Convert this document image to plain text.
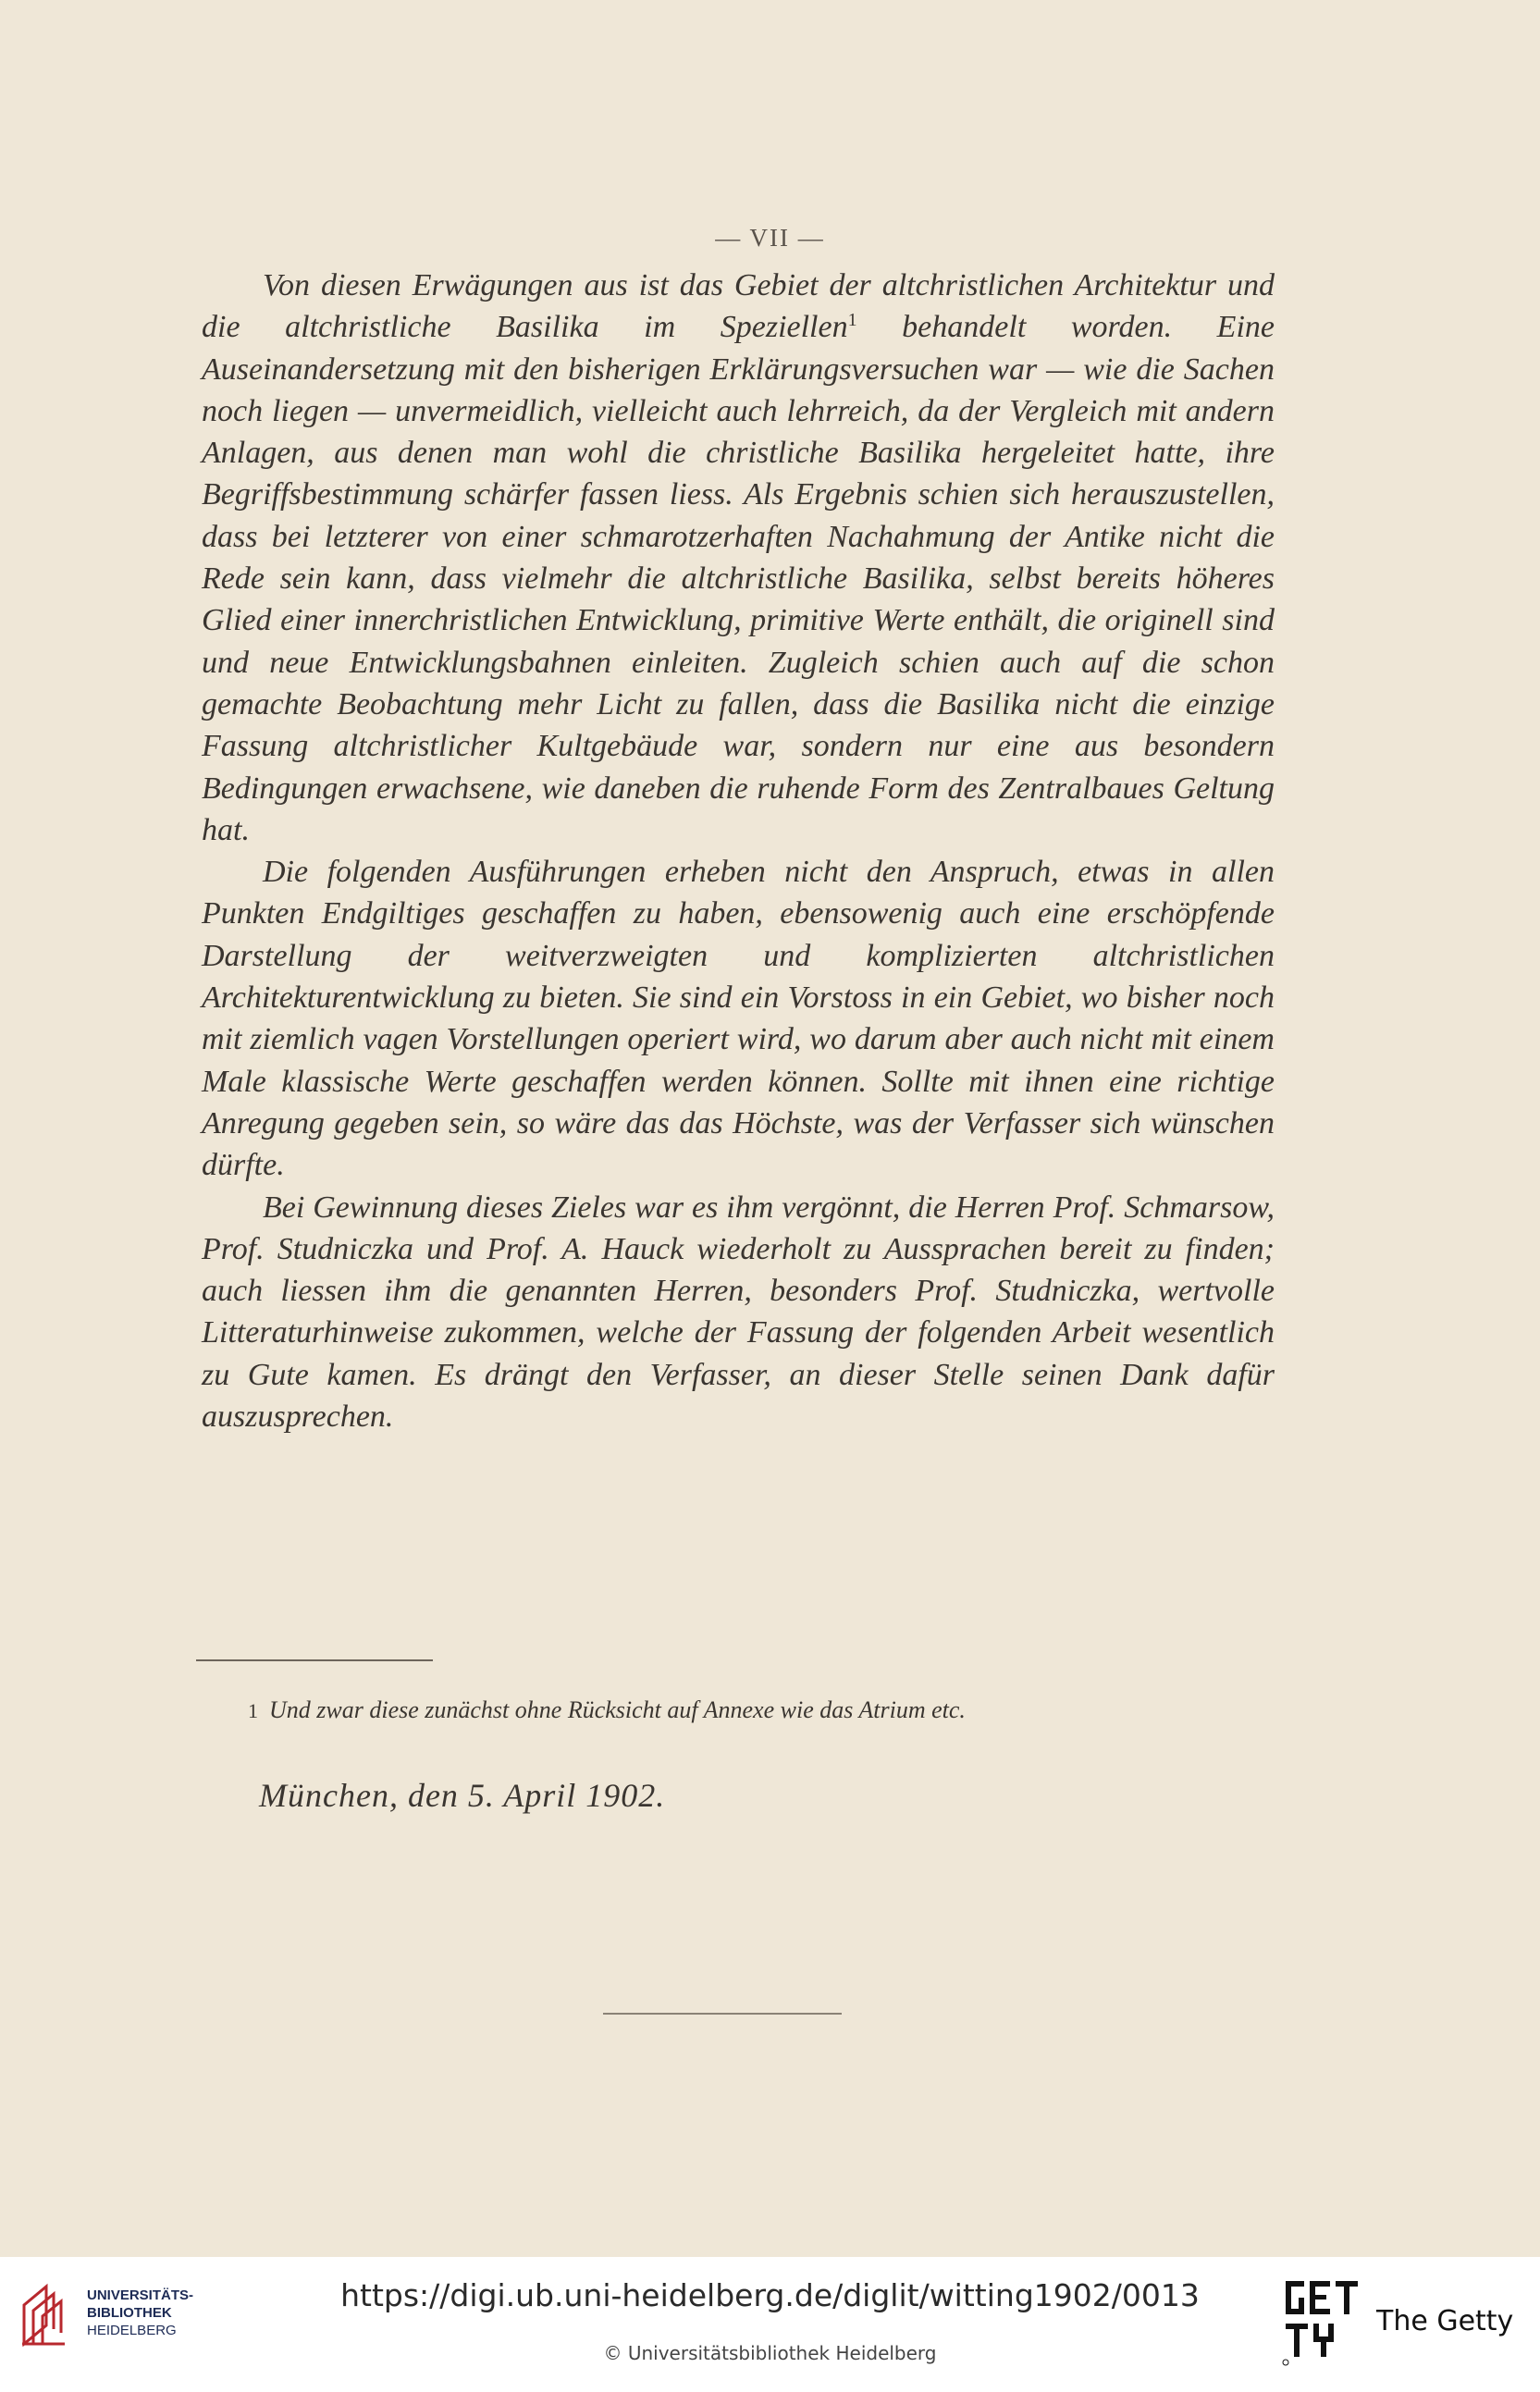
— VII —

Von diesen Erwägungen aus ist das Gebiet der altchristlichen Architektur und die altchristliche Basilika im Speziellen$^1$ behandelt worden. Eine Auseinandersetzung mit den bisherigen Erklärungsversuchen war — wie die Sachen noch liegen — unvermeidlich, vielleicht auch lehrreich, da der Vergleich mit andern Anlagen, aus denen man wohl die christliche Basilika hergeleitet hatte, ihre Begriffsbestimmung schärfer fassen liess. Als Ergebnis schien sich herauszustellen, dass bei letzterer von einer schmarotzerhaften Nachahmung der Antike nicht die Rede sein kann, dass vielmehr die altchristliche Basilika, selbst bereits höheres Glied einer innerchristlichen Entwicklung, primitive Werte enthält, die originell sind und neue Entwicklungsbahnen einleiten. Zugleich schien auch auf die schon gemachte Beobachtung mehr Licht zu fallen, dass die Basilika nicht die einzige Fassung altchristlicher Kultgebäude war, sondern nur eine aus besondern Bedingungen erwachsene, wie daneben die ruhende Form des Zentralbaues Geltung hat.

Die folgenden Ausführungen erheben nicht den Anspruch, etwas in allen Punkten Endgiltiges geschaffen zu haben, ebensowenig auch eine erschöpfende Darstellung der weitverzweigten und komplizierten altchristlichen Architekturentwicklung zu bieten. Sie sind ein Vorstoss in ein Gebiet, wo bisher noch mit ziemlich vagen Vorstellungen operiert wird, wo darum aber auch nicht mit einem Male klassische Werte geschaffen werden können. Sollte mit ihnen eine richtige Anregung gegeben sein, so wäre das das Höchste, was der Verfasser sich wünschen dürfte.

Bei Gewinnung dieses Zieles war es ihm vergönnt, die Herren Prof. Schmarsow, Prof. Studniczka und Prof. A. Hauck wiederholt zu Aussprachen bereit zu finden; auch liessen ihm die genannten Herren, besonders Prof. Studniczka, wertvolle Litteraturhinweise zukommen, welche der Fassung der folgenden Arbeit wesentlich zu Gute kamen. Es drängt den Verfasser, an dieser Stelle seinen Dank dafür auszusprechen.

1 Und zwar diese zunächst ohne Rücksicht auf Annexe wie das Atrium etc.
München, den 5. April 1902.
UNIVERSITÄTS-
BIBLIOTHEK
HEIDELBERG
https://digi.ub.uni-heidelberg.de/diglit/witting1902/0013
© Universitätsbibliothek Heidelberg
The Getty
